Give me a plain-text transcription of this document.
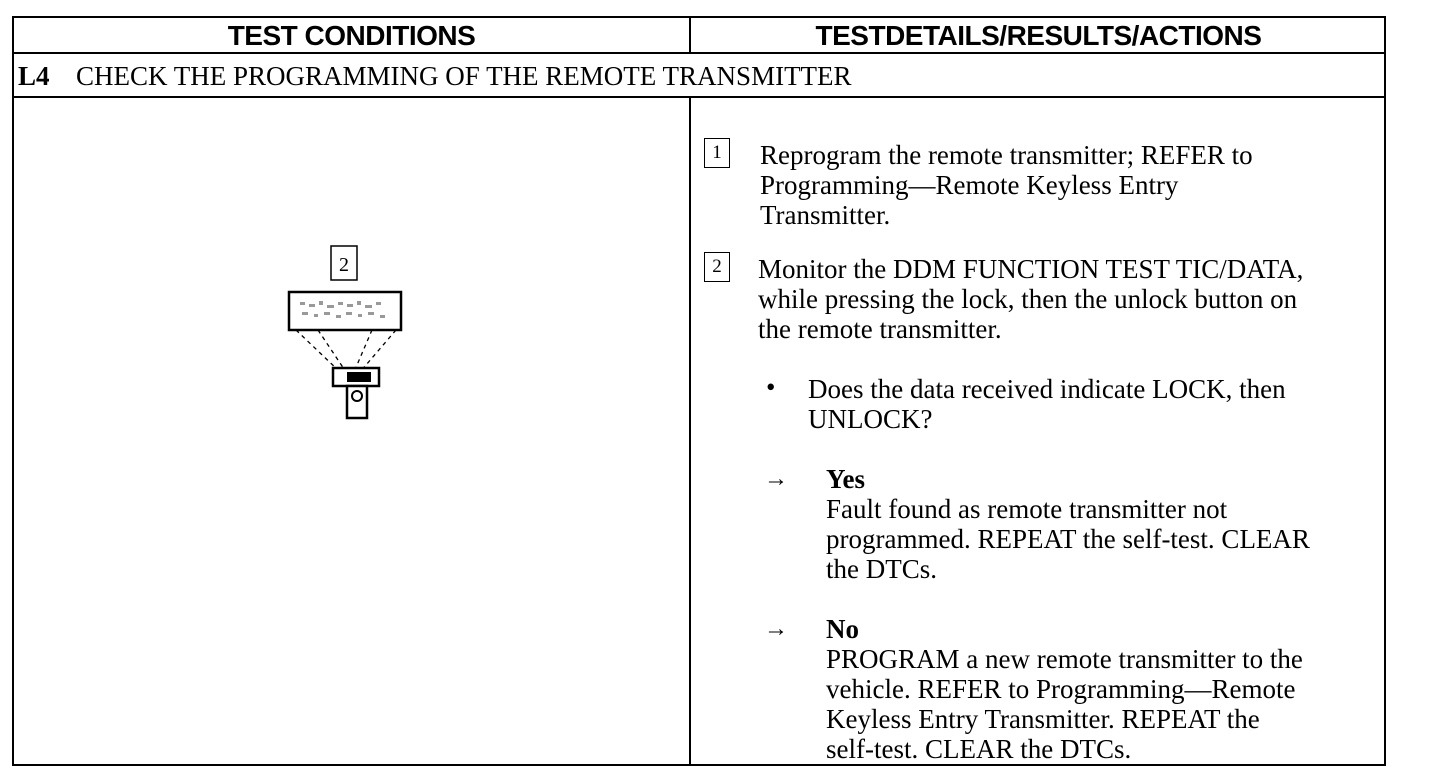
TEST CONDITIONS	TESTDETAILS/RESULTS/ACTIONS
L4 CHECK THE PROGRAMMING OF THE REMOTE TRANSMITTER
2
1	Reprogram the remote transmitter; REFER to
Programming—Remote Keyless Entry
Transmitter.
2	Monitor the DDM FUNCTION TEST TIC/DATA,
while pressing the lock, then the unlock button on
the remote transmitter.
• Does the data received indicate LOCK, then
UNLOCK?
→ Yes
Fault found as remote transmitter not
programmed. REPEAT the self-test. CLEAR
the DTCs.
→ No
PROGRAM a new remote transmitter to the
vehicle. REFER to Programming—Remote
Keyless Entry Transmitter. REPEAT the
self-test. CLEAR the DTCs.
